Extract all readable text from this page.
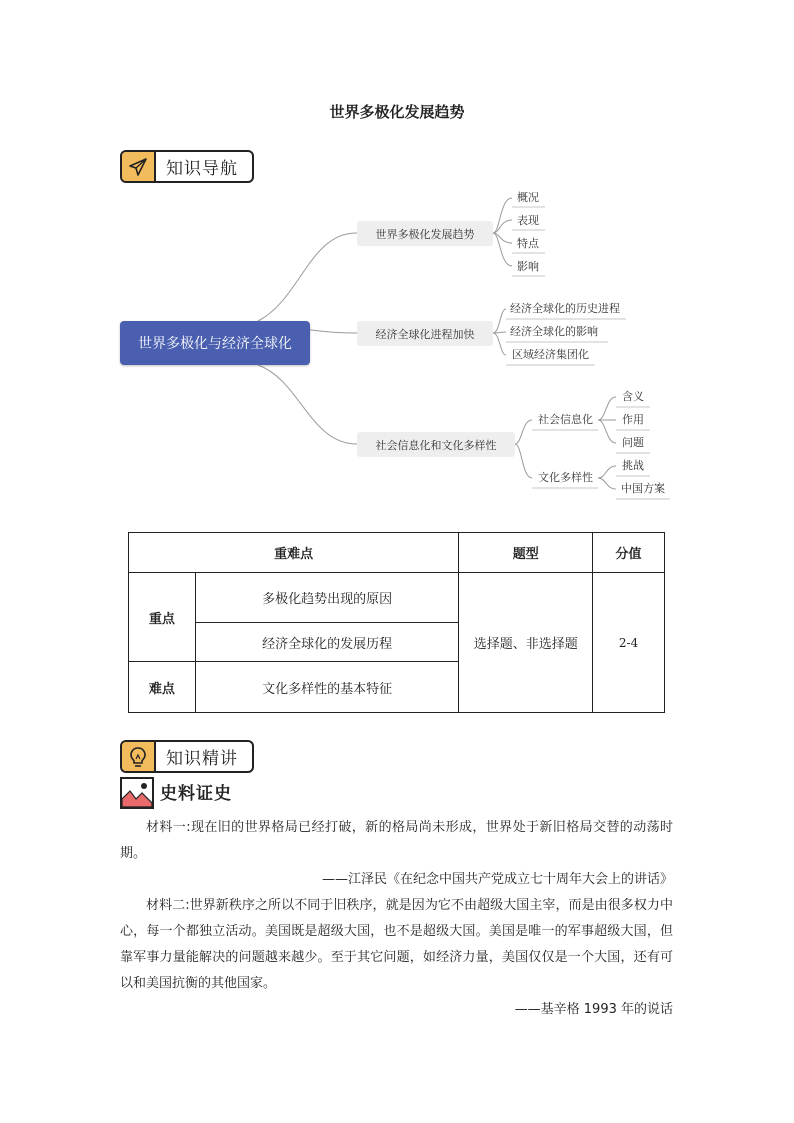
世界多极化发展趋势
知识导航
世界多极化与经济全球化
世界多极化发展趋势
概况
表现
特点
影响
经济全球化进程加快
经济全球化的历史进程
经济全球化的影响
区域经济集团化
社会信息化和文化多样性
社会信息化
文化多样性
含义
作用
问题
挑战
中国方案
重难点		题型	分值
重点	多极化趋势出现的原因	选择题、非选择题	2-4
	经济全球化的发展历程		
难点	文化多样性的基本特征		
知识精讲
史料证史

材料一:现在旧的世界格局已经打破，新的格局尚未形成，世界处于新旧格局交替的动荡时期。

——江泽民《在纪念中国共产党成立七十周年大会上的讲话》

材料二:世界新秩序之所以不同于旧秩序，就是因为它不由超级大国主宰，而是由很多权力中心，每一个都独立活动。美国既是超级大国，也不是超级大国。美国是唯一的军事超级大国，但靠军事力量能解决的问题越来越少。至于其它问题，如经济力量，美国仅仅是一个大国，还有可以和美国抗衡的其他国家。

——基辛格 1993 年的说话
